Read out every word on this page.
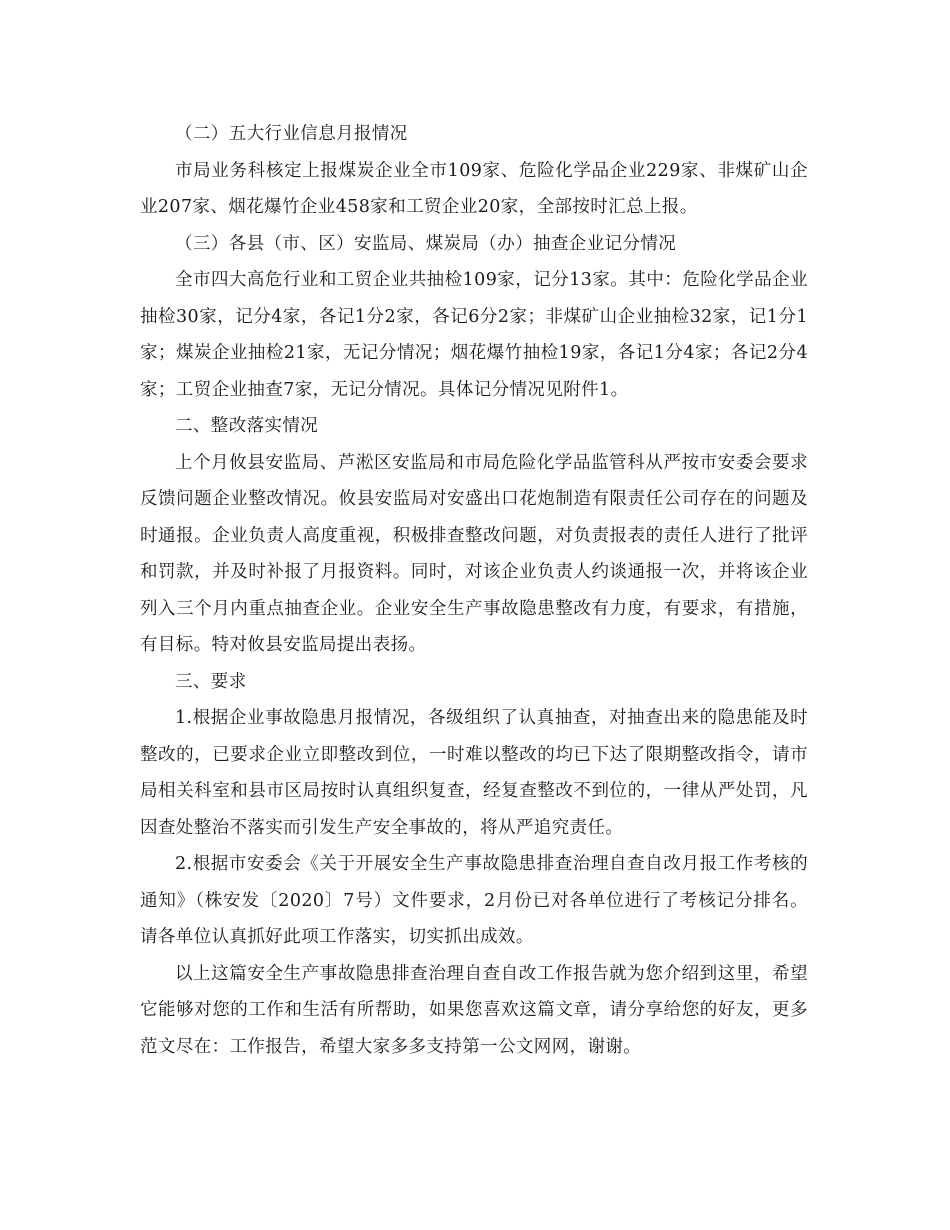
（二）五大行业信息月报情况

市局业务科核定上报煤炭企业全市109家、危险化学品企业229家、非煤矿山企业207家、烟花爆竹企业458家和工贸企业20家，全部按时汇总上报。

（三）各县（市、区）安监局、煤炭局（办）抽查企业记分情况

全市四大高危行业和工贸企业共抽检109家，记分13家。其中：危险化学品企业抽检30家，记分4家，各记1分2家，各记6分2家；非煤矿山企业抽检32家，记1分1家；煤炭企业抽检21家，无记分情况；烟花爆竹抽检19家，各记1分4家；各记2分4家；工贸企业抽查7家，无记分情况。具体记分情况见附件1。

二、整改落实情况

上个月攸县安监局、芦淞区安监局和市局危险化学品监管科从严按市安委会要求反馈问题企业整改情况。攸县安监局对安盛出口花炮制造有限责任公司存在的问题及时通报。企业负责人高度重视，积极排查整改问题，对负责报表的责任人进行了批评和罚款，并及时补报了月报资料。同时，对该企业负责人约谈通报一次，并将该企业列入三个月内重点抽查企业。企业安全生产事故隐患整改有力度，有要求，有措施，有目标。特对攸县安监局提出表扬。

三、要求

1.根据企业事故隐患月报情况，各级组织了认真抽查，对抽查出来的隐患能及时整改的，已要求企业立即整改到位，一时难以整改的均已下达了限期整改指令，请市局相关科室和县市区局按时认真组织复查，经复查整改不到位的，一律从严处罚，凡因查处整治不落实而引发生产安全事故的，将从严追究责任。

2.根据市安委会《关于开展安全生产事故隐患排查治理自查自改月报工作考核的通知》（株安发〔2020〕7号）文件要求，2月份已对各单位进行了考核记分排名。请各单位认真抓好此项工作落实，切实抓出成效。

以上这篇安全生产事故隐患排查治理自查自改工作报告就为您介绍到这里，希望它能够对您的工作和生活有所帮助，如果您喜欢这篇文章，请分享给您的好友，更多范文尽在：工作报告，希望大家多多支持第一公文网网，谢谢。
